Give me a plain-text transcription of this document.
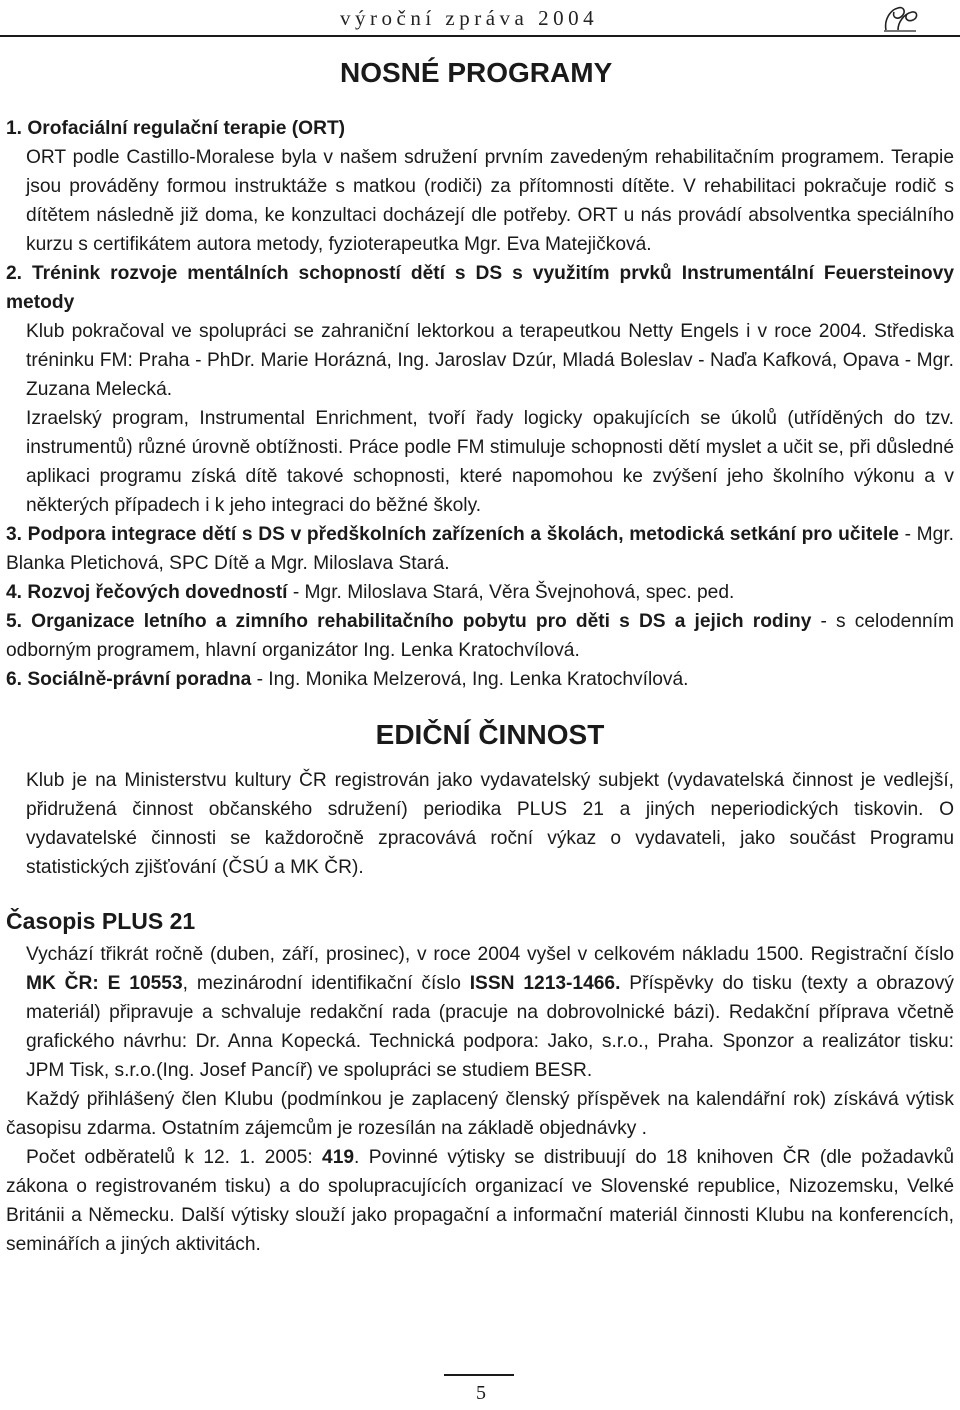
výroční zpráva 2004
NOSNÉ PROGRAMY

1. Orofaciální regulační terapie (ORT)

ORT podle Castillo-Moralese byla v našem sdružení prvním zavedeným rehabilitačním programem. Terapie jsou prováděny formou instruktáže s matkou (rodiči) za přítomnosti dítěte. V rehabilitaci pokračuje rodič s dítětem následně již doma, ke konzultaci docházejí dle potřeby. ORT u nás provádí absolventka speciálního kurzu s certifikátem autora metody, fyzioterapeutka Mgr. Eva Matejičková.

2. Trénink rozvoje mentálních schopností dětí s DS s využitím prvků Instrumentální Feuersteinovy metody

Klub pokračoval ve spolupráci se zahraniční lektorkou a terapeutkou Netty Engels i v roce 2004. Střediska tréninku FM: Praha - PhDr. Marie Horázná, Ing. Jaroslav Dzúr, Mladá Boleslav - Naďa Kafková, Opava - Mgr. Zuzana Melecká.

Izraelský program, Instrumental Enrichment, tvoří řady logicky opakujících se úkolů (utříděných do tzv. instrumentů) různé úrovně obtížnosti. Práce podle FM stimuluje schopnosti dětí myslet a učit se, při důsledné aplikaci programu získá dítě takové schopnosti, které napomohou ke zvýšení jeho školního výkonu a v některých případech i k jeho integraci do běžné školy.

3. Podpora integrace dětí s DS v předškolních zařízeních a školách, metodická setkání pro učitele - Mgr. Blanka Pletichová, SPC Dítě a Mgr. Miloslava Stará.

4. Rozvoj řečových dovedností - Mgr. Miloslava Stará, Věra Švejnohová, spec. ped.

5. Organizace letního a zimního rehabilitačního pobytu pro děti s DS a jejich rodiny - s celodenním odborným programem, hlavní organizátor Ing. Lenka Kratochvílová.

6. Sociálně-právní poradna - Ing. Monika Melzerová, Ing. Lenka Kratochvílová.

EDIČNÍ ČINNOST

Klub je na Ministerstvu kultury ČR registrován jako vydavatelský subjekt (vydavatelská činnost je vedlejší, přidružená činnost občanského sdružení) periodika PLUS 21 a jiných neperiodických tiskovin. O vydavatelské činnosti se každoročně zpracovává roční výkaz o vydavateli, jako součást Programu statistických zjišťování (ČSÚ a MK ČR).

Časopis PLUS 21

Vychází třikrát ročně (duben, září, prosinec), v roce 2004 vyšel v celkovém nákladu 1500. Registrační číslo MK ČR: E 10553, mezinárodní identifikační číslo ISSN 1213-1466. Příspěvky do tisku (texty a obrazový materiál) připravuje a schvaluje redakční rada (pracuje na dobrovolnické bázi). Redakční příprava včetně grafického návrhu: Dr. Anna Kopecká. Technická podpora: Jako, s.r.o., Praha. Sponzor a realizátor tisku: JPM Tisk, s.r.o.(Ing. Josef Pancíř) ve spolupráci se studiem BESR.

Každý přihlášený člen Klubu (podmínkou je zaplacený členský příspěvek na kalendářní rok) získává výtisk časopisu zdarma. Ostatním zájemcům je rozesílán na základě objednávky .

Počet odběratelů k 12. 1. 2005: 419. Povinné výtisky se distribuují do 18 knihoven ČR (dle požadavků zákona o registrovaném tisku) a do spolupracujících organizací ve Slovenské republice, Nizozemsku, Velké Británii a Německu. Další výtisky slouží jako propagační a informační materiál činnosti Klubu na konferencích, seminářích a jiných aktivitách.

5
